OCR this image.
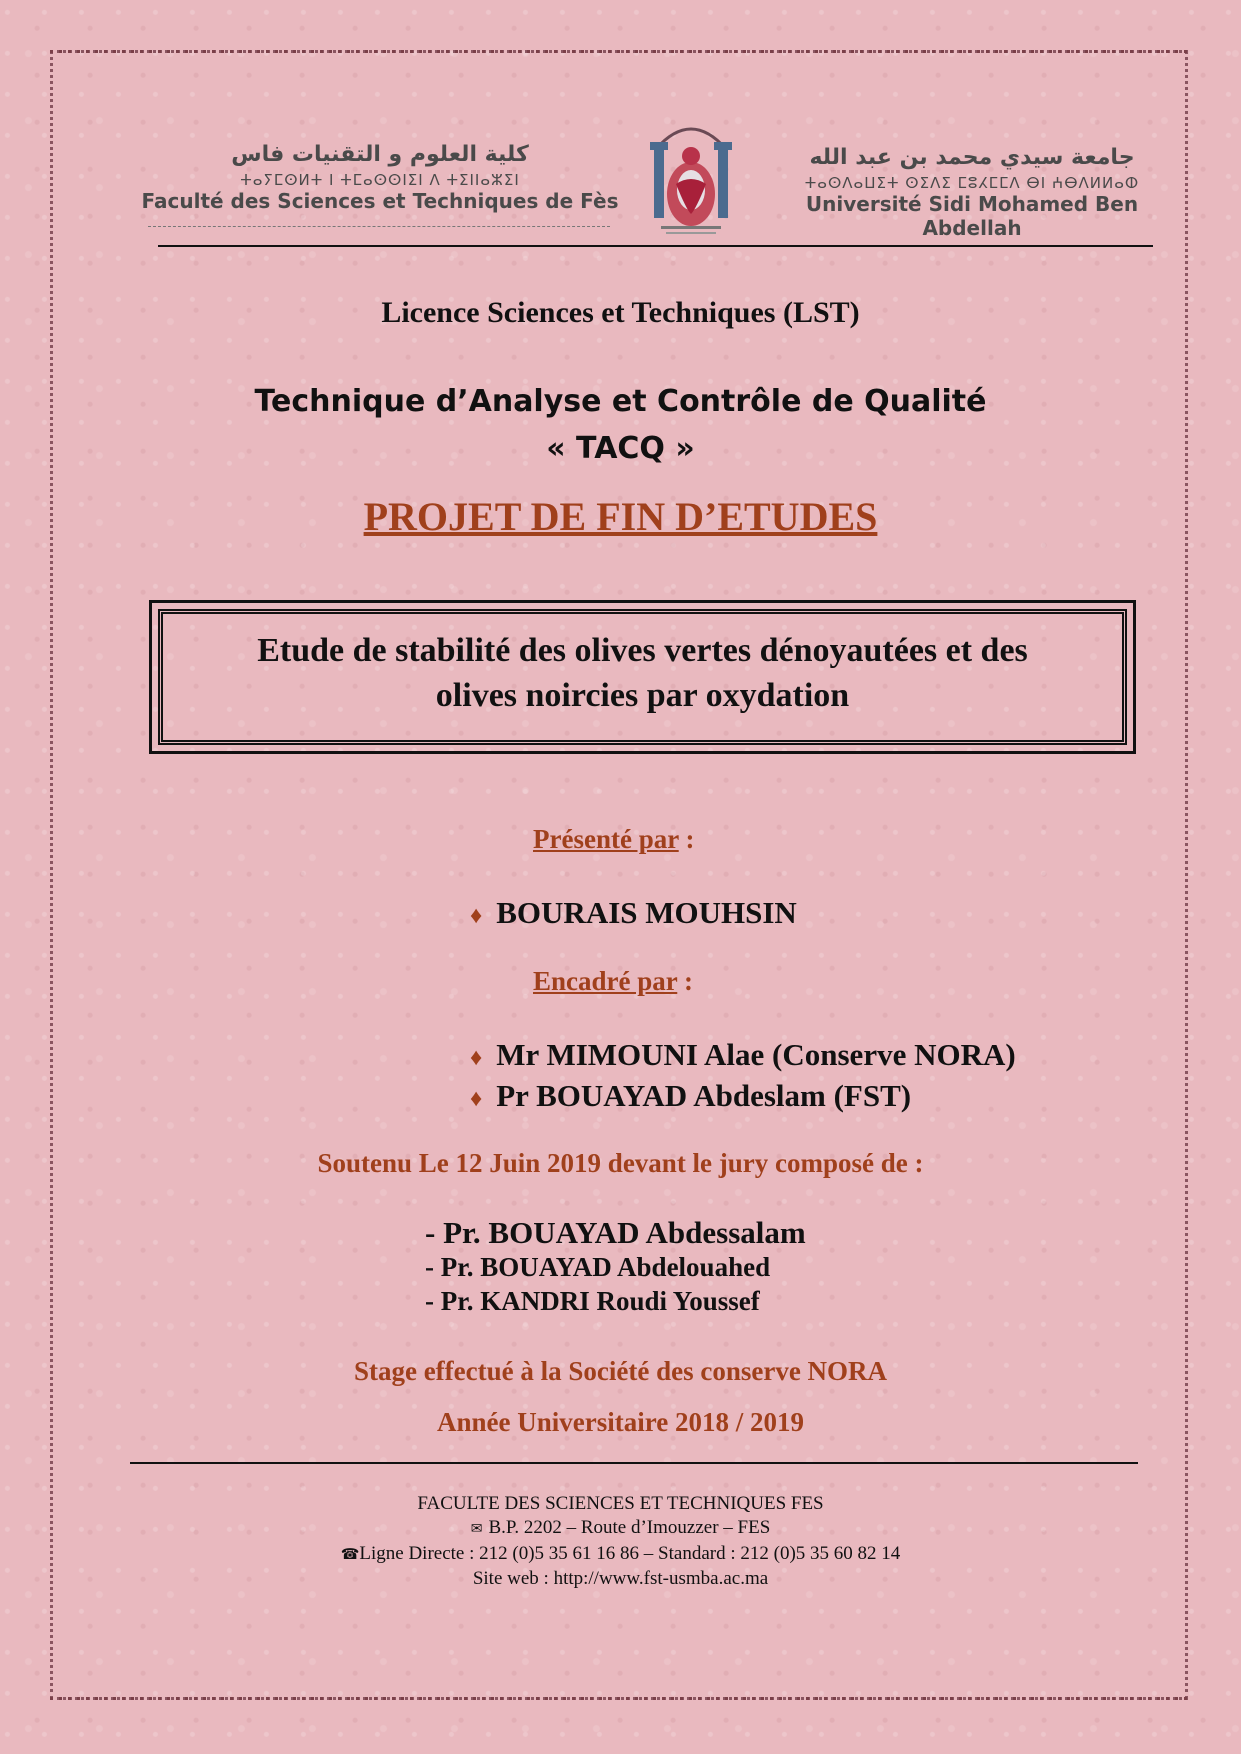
كلية العلوم و التقنيات فاس
ⵜⴰⵢⵎⵙⵍⵜ ⵏ ⵜⵎⴰⵙⵙⵏⵉⵏ ⴷ ⵜⵉⵏⵏⴰⵣⵉⵏ
Faculté des Sciences et Techniques de Fès
جامعة سيدي محمد بن عبد الله
ⵜⴰⵙⴷⴰⵡⵉⵜ ⵙⵉⴷⵉ ⵎⵓⵃⵎⵎⴷ ⴱⵏ ⵄⴱⴷⵍⵍⴰⵀ
Université Sidi Mohamed Ben Abdellah
Licence Sciences et Techniques (LST)
Technique d’Analyse et Contrôle de Qualité
« TACQ »
PROJET DE FIN D’ETUDES
Etude de stabilité des olives vertes dénoyautées et des
olives noircies par oxydation
Présenté par :
♦ BOURAIS MOUHSIN
Encadré par :
♦ Mr MIMOUNI Alae (Conserve NORA)
♦ Pr BOUAYAD Abdeslam (FST)
Soutenu Le 12 Juin 2019 devant le jury composé de :
- Pr. BOUAYAD Abdessalam
- Pr. BOUAYAD Abdelouahed
- Pr. KANDRI Roudi Youssef
Stage effectué à la Société des conserve NORA
Année Universitaire 2018 / 2019
FACULTE DES SCIENCES ET TECHNIQUES FES
✉ B.P. 2202 – Route d’Imouzzer – FES
☎Ligne Directe : 212 (0)5 35 61 16 86 – Standard : 212 (0)5 35 60 82 14
Site web : http://www.fst-usmba.ac.ma
